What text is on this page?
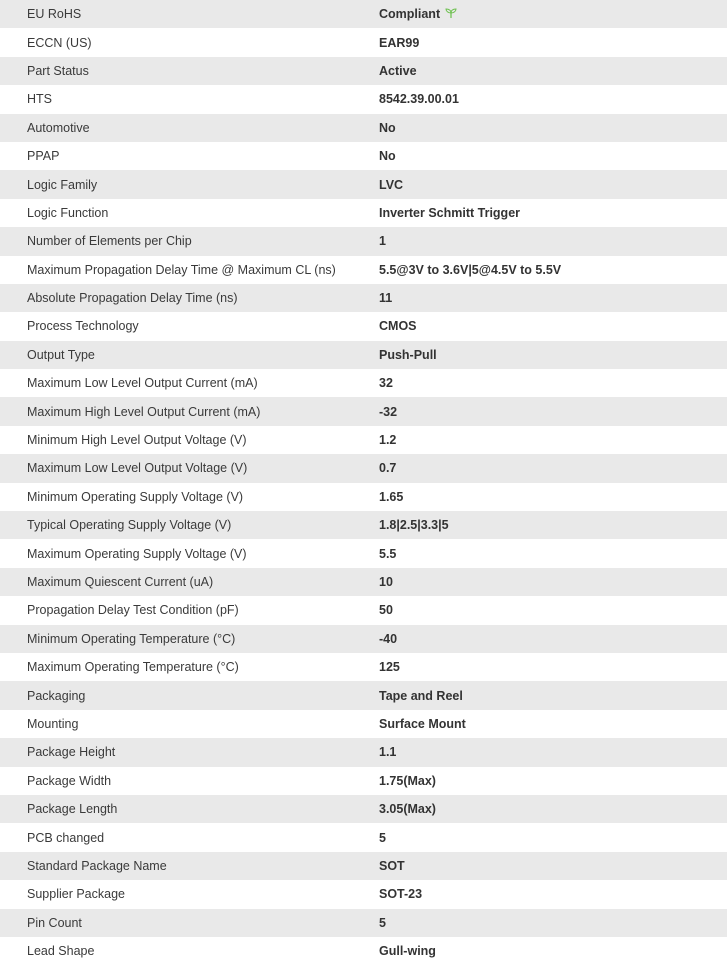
EU RoHS	Compliant
ECCN (US)	EAR99
Part Status	Active
HTS	8542.39.00.01
Automotive	No
PPAP	No
Logic Family	LVC
Logic Function	Inverter Schmitt Trigger
Number of Elements per Chip	1
Maximum Propagation Delay Time @ Maximum CL (ns)	5.5@3V to 3.6V|5@4.5V to 5.5V
Absolute Propagation Delay Time (ns)	11
Process Technology	CMOS
Output Type	Push-Pull
Maximum Low Level Output Current (mA)	32
Maximum High Level Output Current (mA)	-32
Minimum High Level Output Voltage (V)	1.2
Maximum Low Level Output Voltage (V)	0.7
Minimum Operating Supply Voltage (V)	1.65
Typical Operating Supply Voltage (V)	1.8|2.5|3.3|5
Maximum Operating Supply Voltage (V)	5.5
Maximum Quiescent Current (uA)	10
Propagation Delay Test Condition (pF)	50
Minimum Operating Temperature (°C)	-40
Maximum Operating Temperature (°C)	125
Packaging	Tape and Reel
Mounting	Surface Mount
Package Height	1.1
Package Width	1.75(Max)
Package Length	3.05(Max)
PCB changed	5
Standard Package Name	SOT
Supplier Package	SOT-23
Pin Count	5
Lead Shape	Gull-wing
